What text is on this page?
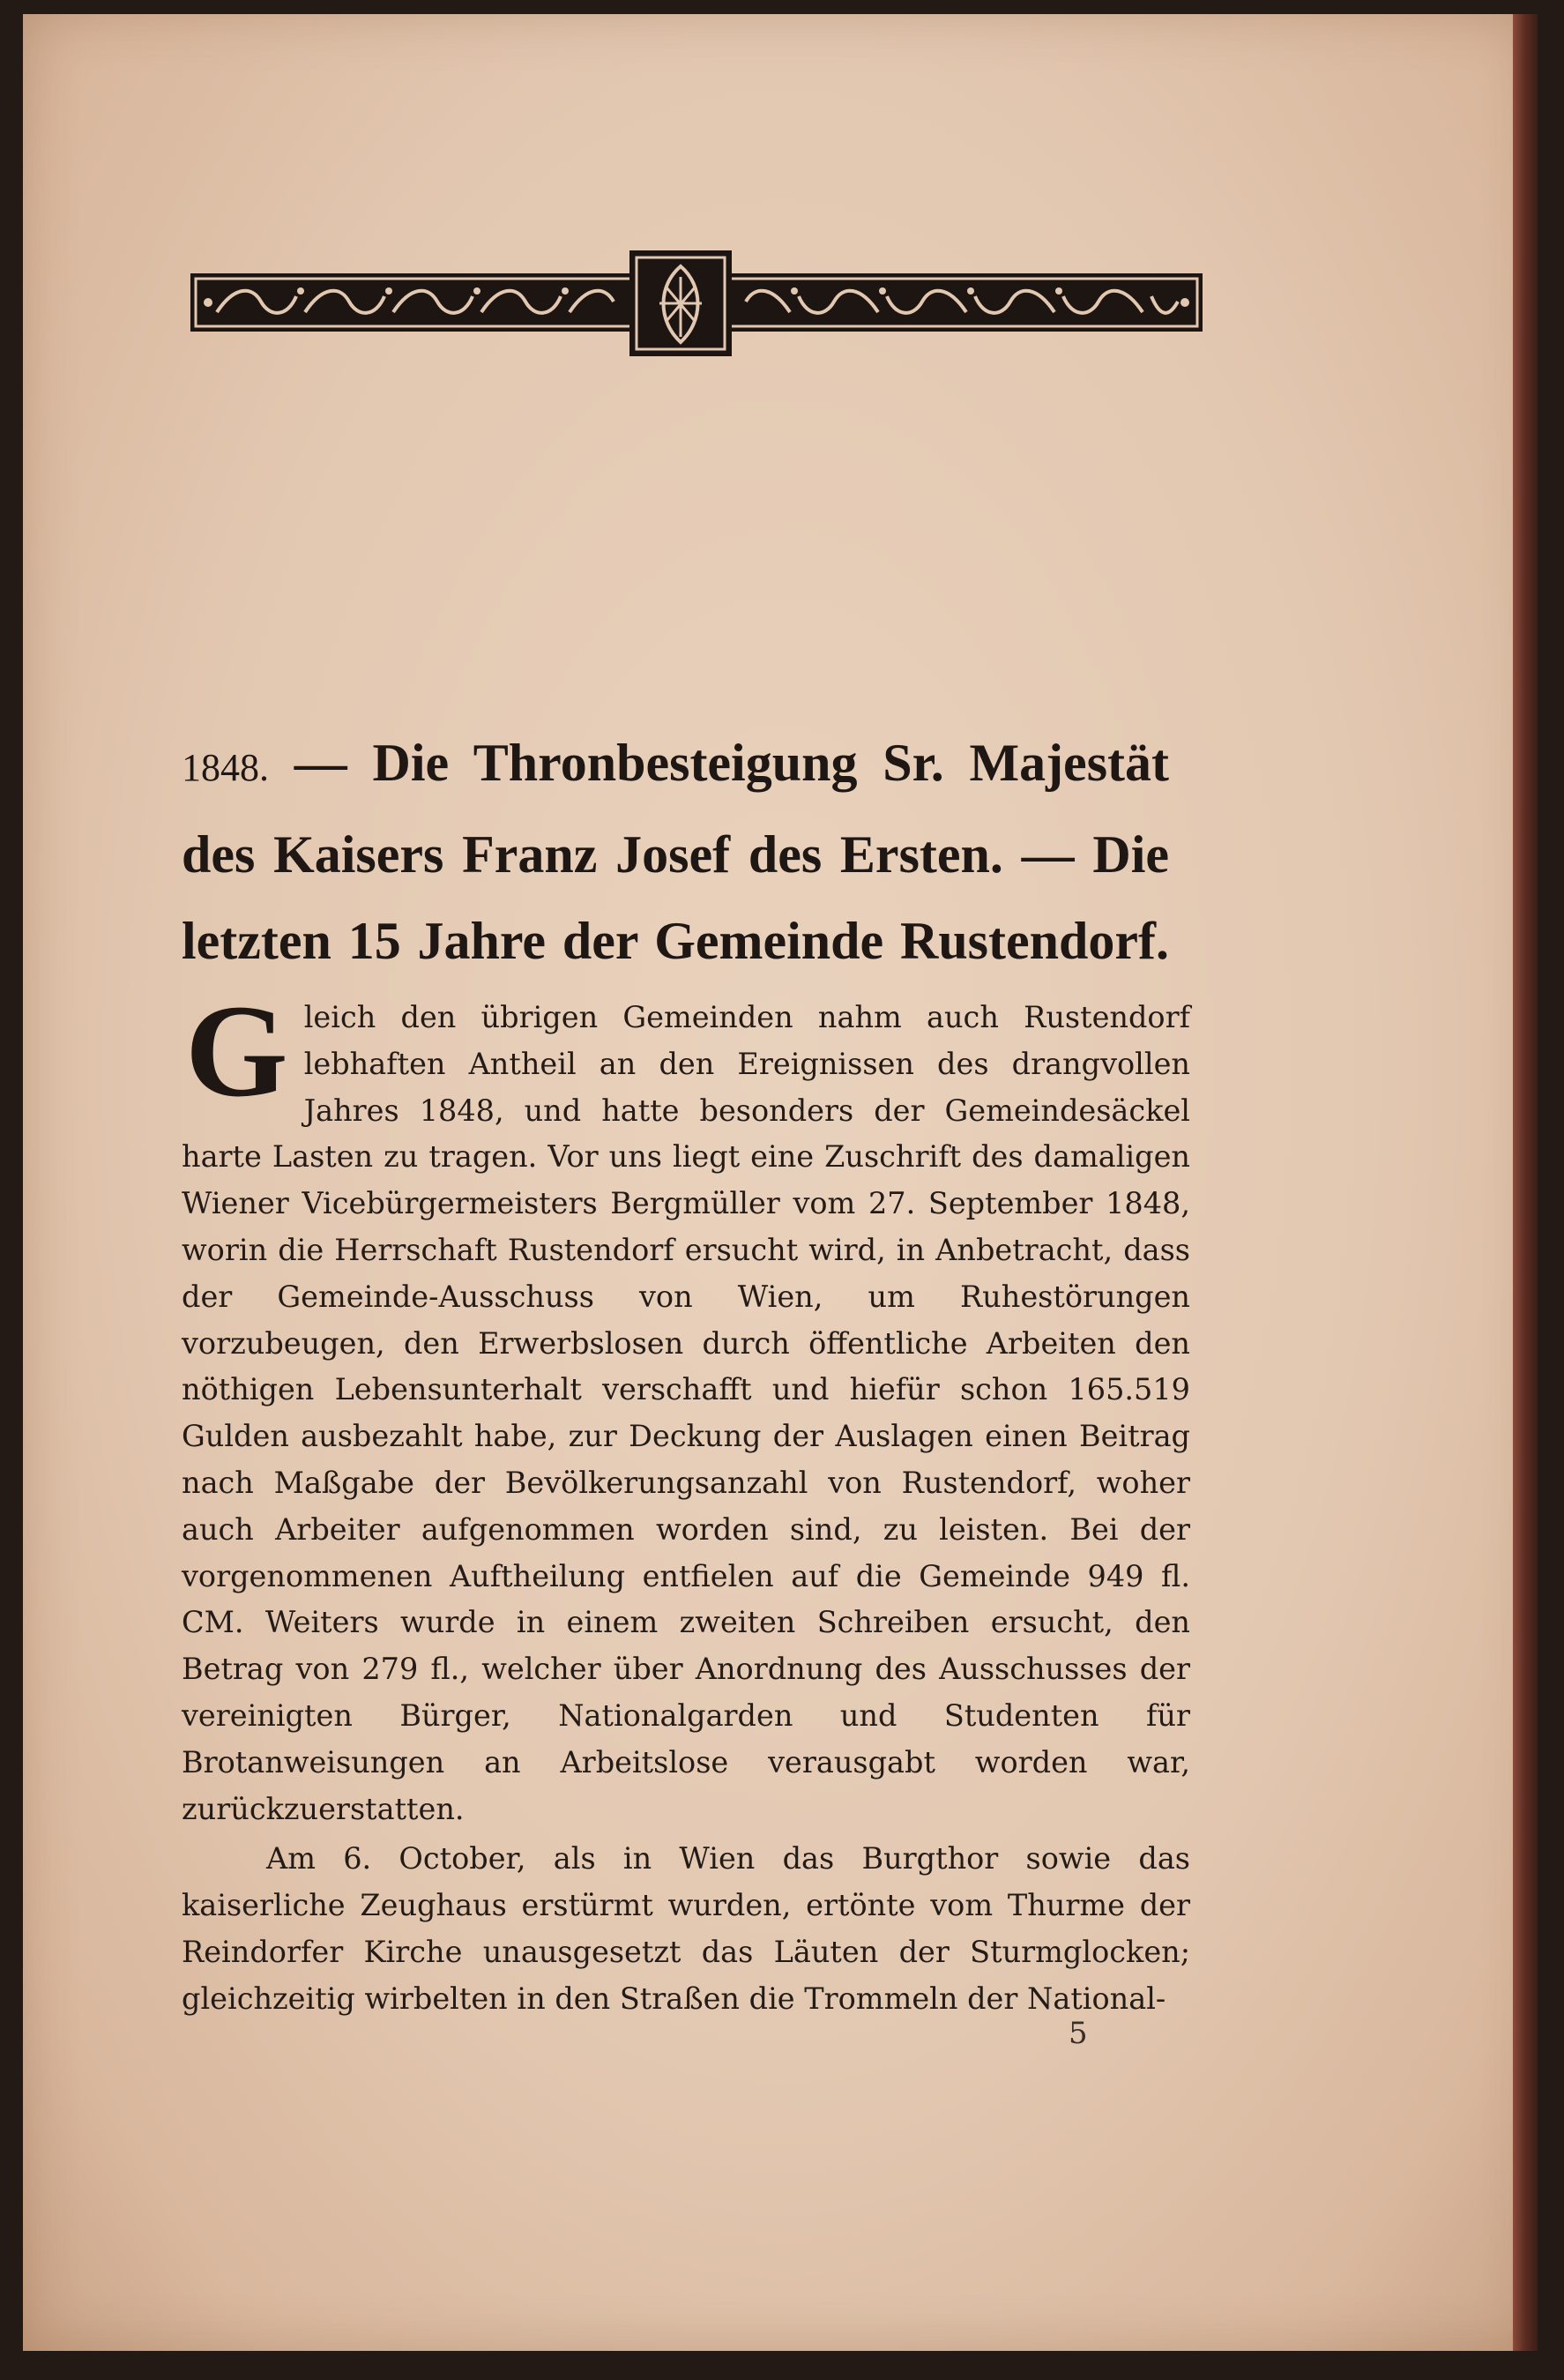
1848. — Die Thronbesteigung Sr. Majestät des Kaisers Franz Josef des Ersten. — Die letzten 15 Jahre der Gemeinde Rustendorf.

Gleich den übrigen Gemeinden nahm auch Rustendorf lebhaften Antheil an den Ereignissen des drangvollen Jahres 1848, und hatte besonders der Gemeindesäckel harte Lasten zu tragen. Vor uns liegt eine Zuschrift des damaligen Wiener Vicebürgermeisters Bergmüller vom 27. September 1848, worin die Herrschaft Rustendorf ersucht wird, in Anbetracht, dass der Gemeinde-Ausschuss von Wien, um Ruhestörungen vorzubeugen, den Erwerbslosen durch öffentliche Arbeiten den nöthigen Lebensunterhalt verschafft und hiefür schon 165.519 Gulden ausbezahlt habe, zur Deckung der Auslagen einen Beitrag nach Maßgabe der Bevölkerungsanzahl von Rustendorf, woher auch Arbeiter aufgenommen worden sind, zu leisten. Bei der vorgenommenen Auftheilung entfielen auf die Gemeinde 949 fl. CM. Weiters wurde in einem zweiten Schreiben ersucht, den Betrag von 279 fl., welcher über Anordnung des Ausschusses der vereinigten Bürger, Nationalgarden und Studenten für Brotanweisungen an Arbeitslose verausgabt worden war, zurückzuerstatten.

Am 6. October, als in Wien das Burgthor sowie das kaiserliche Zeughaus erstürmt wurden, ertönte vom Thurme der Reindorfer Kirche unausgesetzt das Läuten der Sturmglocken; gleichzeitig wirbelten in den Straßen die Trommeln der National-

5
